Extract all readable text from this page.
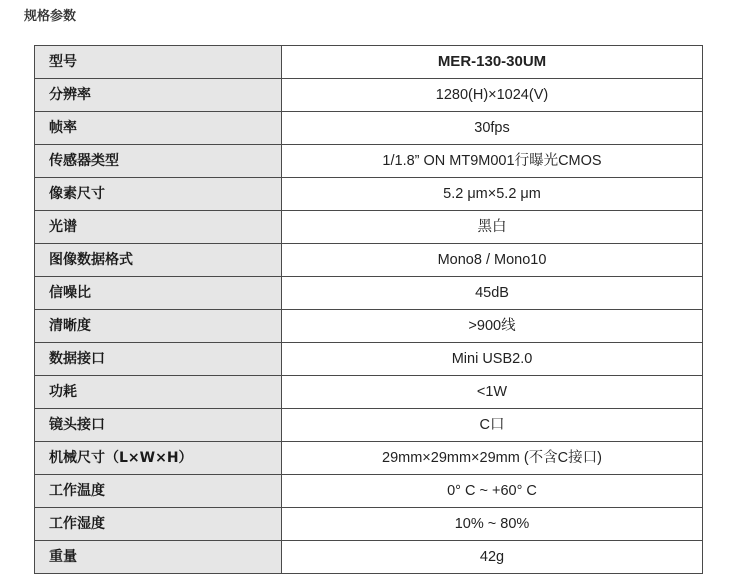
规格参数
型号	MER-130-30UM
分辨率	1280(H)×1024(V)
帧率	30fps
传感器类型	1/1.8” ON MT9M001行曝光CMOS
像素尺寸	5.2 μm×5.2 μm
光谱	黑白
图像数据格式	Mono8 / Mono10
信噪比	45dB
清晰度	>900线
数据接口	Mini USB2.0
功耗	<1W
镜头接口	C口
机械尺寸（L×W×H）	29mm×29mm×29mm (不含C接口)
工作温度	0° C ~ +60° C
工作湿度	10% ~ 80%
重量	42g
